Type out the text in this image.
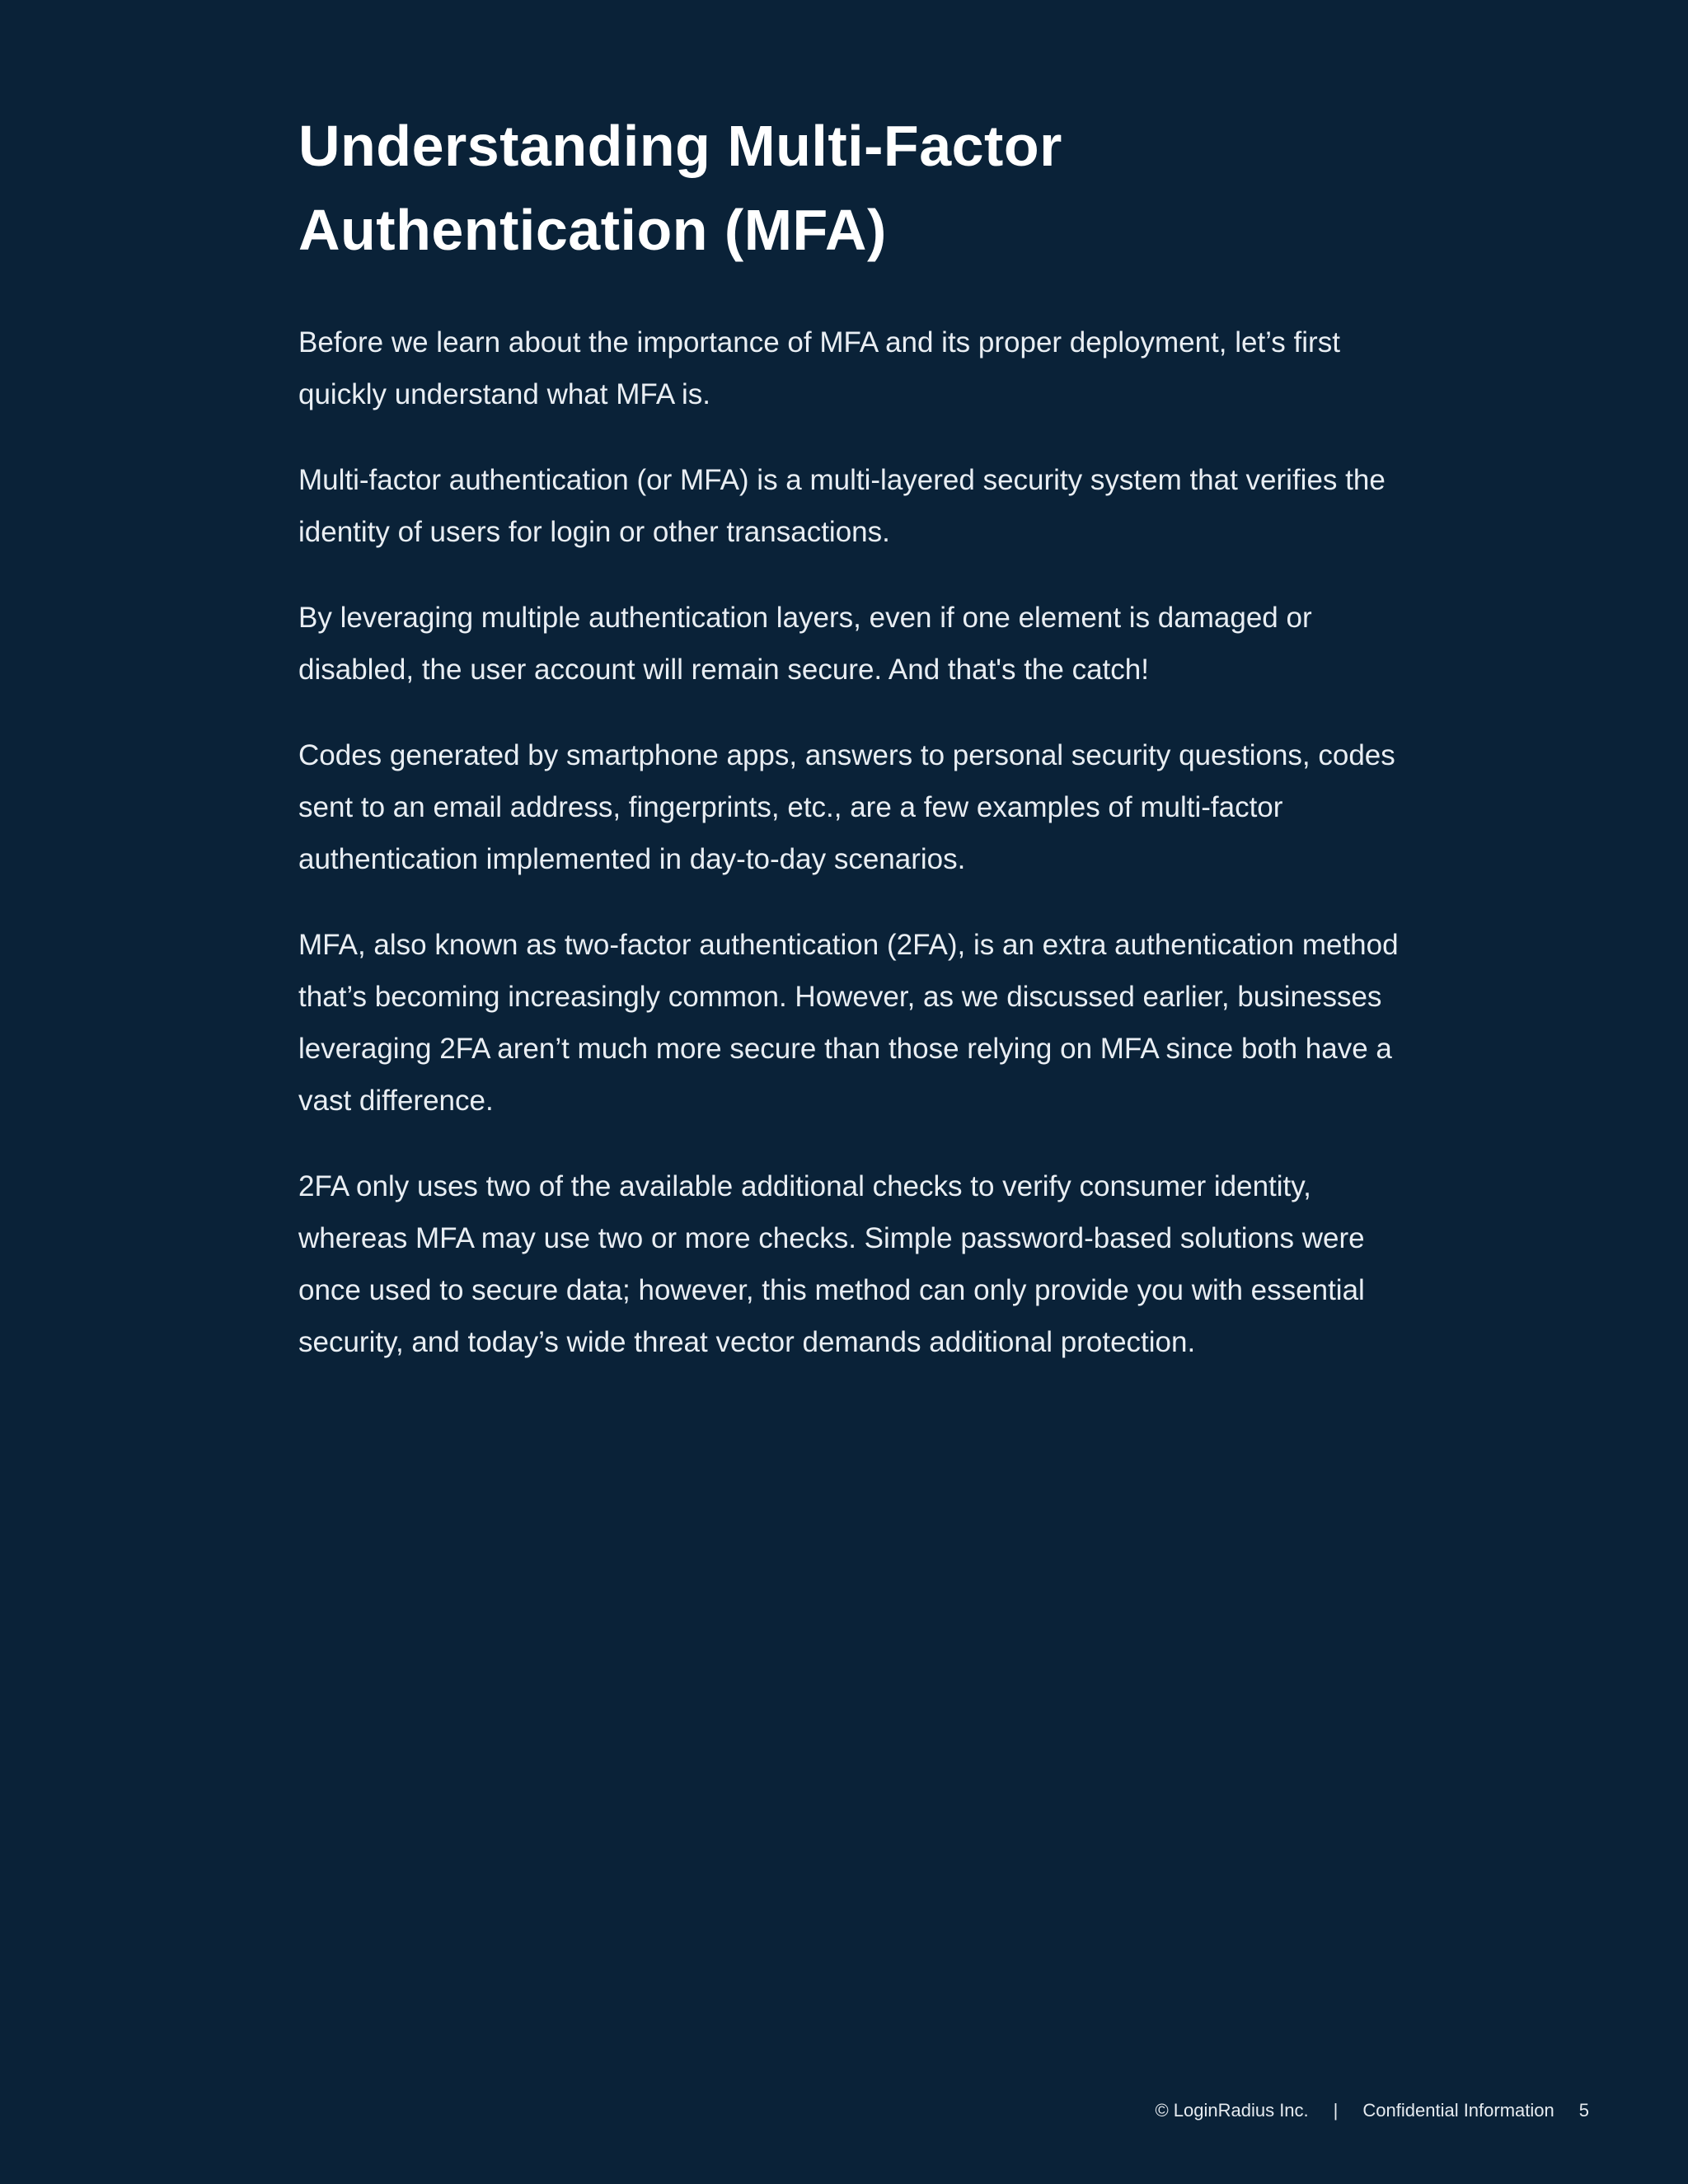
Understanding Multi-Factor
Authentication (MFA)

Before we learn about the importance of MFA and its proper deployment, let’s first quickly understand what MFA is.

Multi-factor authentication (or MFA) is a multi-layered security system that verifies the identity of users for login or other transactions.

By leveraging multiple authentication layers, even if one element is damaged or disabled, the user account will remain secure. And that's the catch!

Codes generated by smartphone apps, answers to personal security questions, codes sent to an email address, fingerprints, etc., are a few examples of multi-factor authentication implemented in day-to-day scenarios.

MFA, also known as two-factor authentication (2FA), is an extra authentication method that’s becoming increasingly common. However, as we discussed earlier, businesses leveraging 2FA aren’t much more secure than those relying on MFA since both have a vast difference.

2FA only uses two of the available additional checks to verify consumer identity, whereas MFA may use two or more checks. Simple password-based solutions were once used to secure data; however, this method can only provide you with essential security, and today’s wide threat vector demands additional protection.

© LoginRadius Inc. | Confidential Information 5
